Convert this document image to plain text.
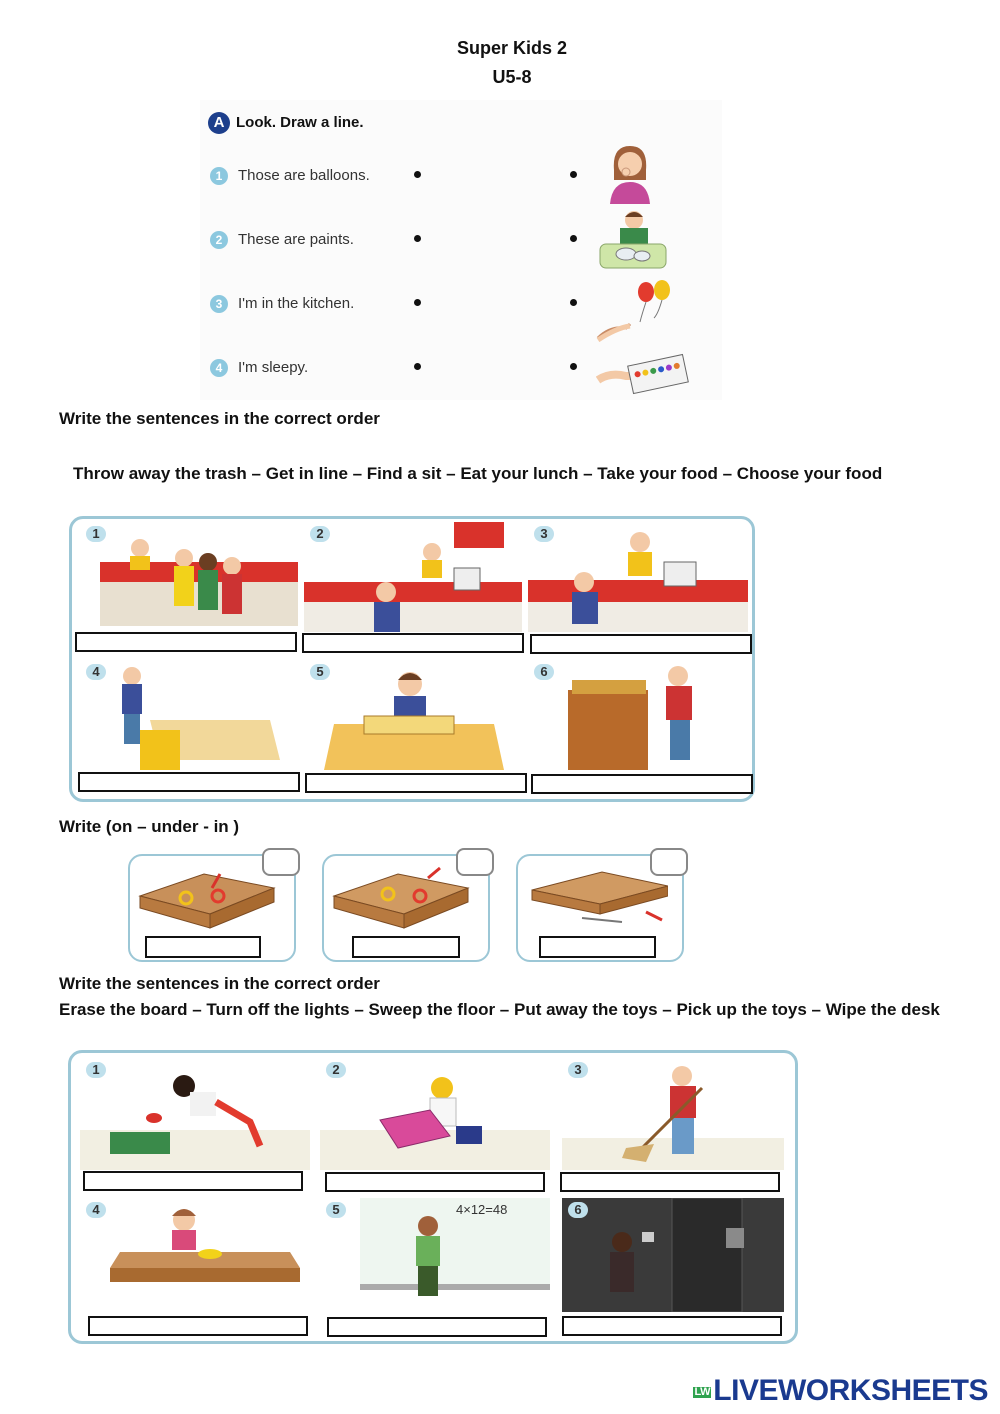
Super Kids 2
U5-8
A Look. Draw a line.
1 Those are balloons.
2 These are paints.
3 I'm in the kitchen.
4 I'm sleepy.
Write the sentences in the correct order
Throw away the trash – Get in line – Find a sit – Eat your lunch – Take your food – Choose your food
1	2	3
4	5	6
Write (on – under - in )
Write the sentences in the correct order
Erase the board – Turn off the lights – Sweep the floor – Put away the toys – Pick up the toys – Wipe the desk
1	2	3
4	5	4×12=48	6
LW LIVEWORKSHEETS
